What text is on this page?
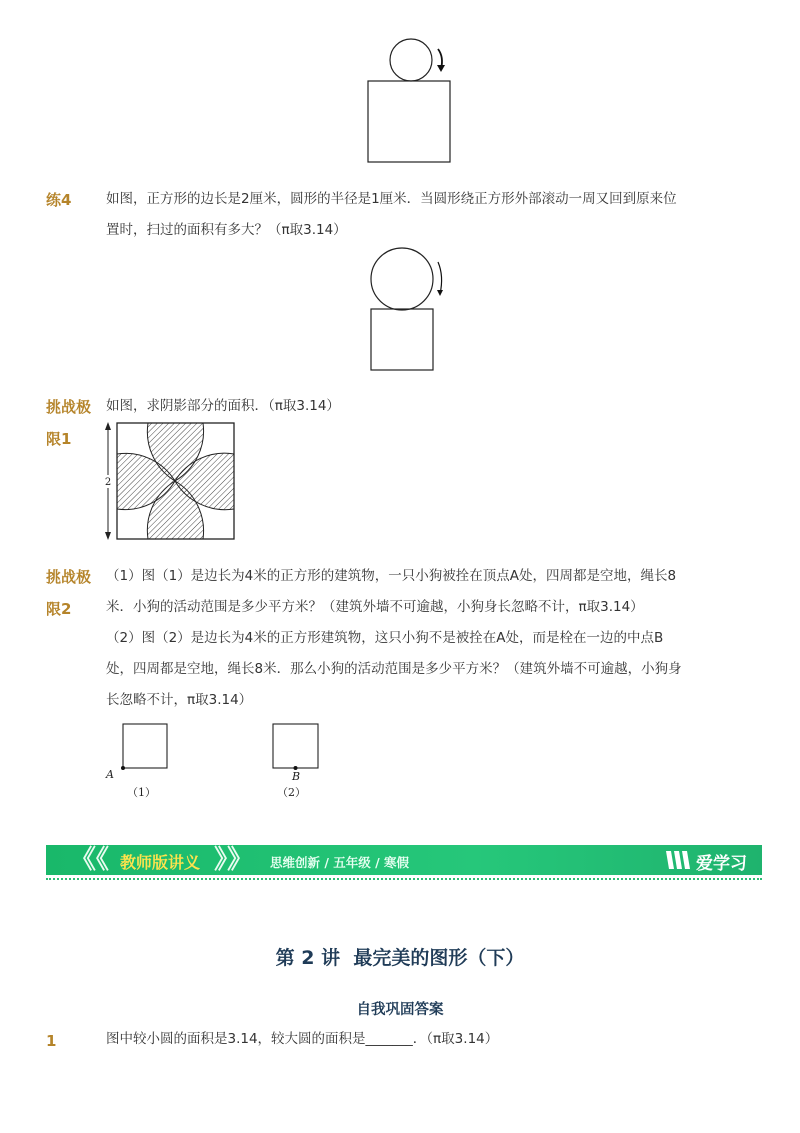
练4	如图，正方形的边长是2厘米，圆形的半径是1厘米．当圆形绕正方形外部滚动一周又回到原来位
置时，扫过的面积有多大？（π取3.14）
挑战极
限1
如图，求阴影部分的面积．（π取3.14）
2
挑战极
限2
（1）图（1）是边长为4米的正方形的建筑物，一只小狗被拴在顶点A处，四周都是空地，绳长8
米．小狗的活动范围是多少平方米？（建筑外墙不可逾越，小狗身长忽略不计，π取3.14）
（2）图（2）是边长为4米的正方形建筑物，这只小狗不是被拴在A处，而是栓在一边的中点B
处，四周都是空地，绳长8米．那么小狗的活动范围是多少平方米？（建筑外墙不可逾越，小狗身
长忽略不计，π取3.14）
A
（1）
B
（2）
《《 教师版讲义 》》 思维创新 / 五年级 / 寒假	爱学习
第 2 讲  最完美的图形（下）
自我巩固答案
1	图中较小圆的面积是3.14，较大圆的面积是_______．（π取3.14）
